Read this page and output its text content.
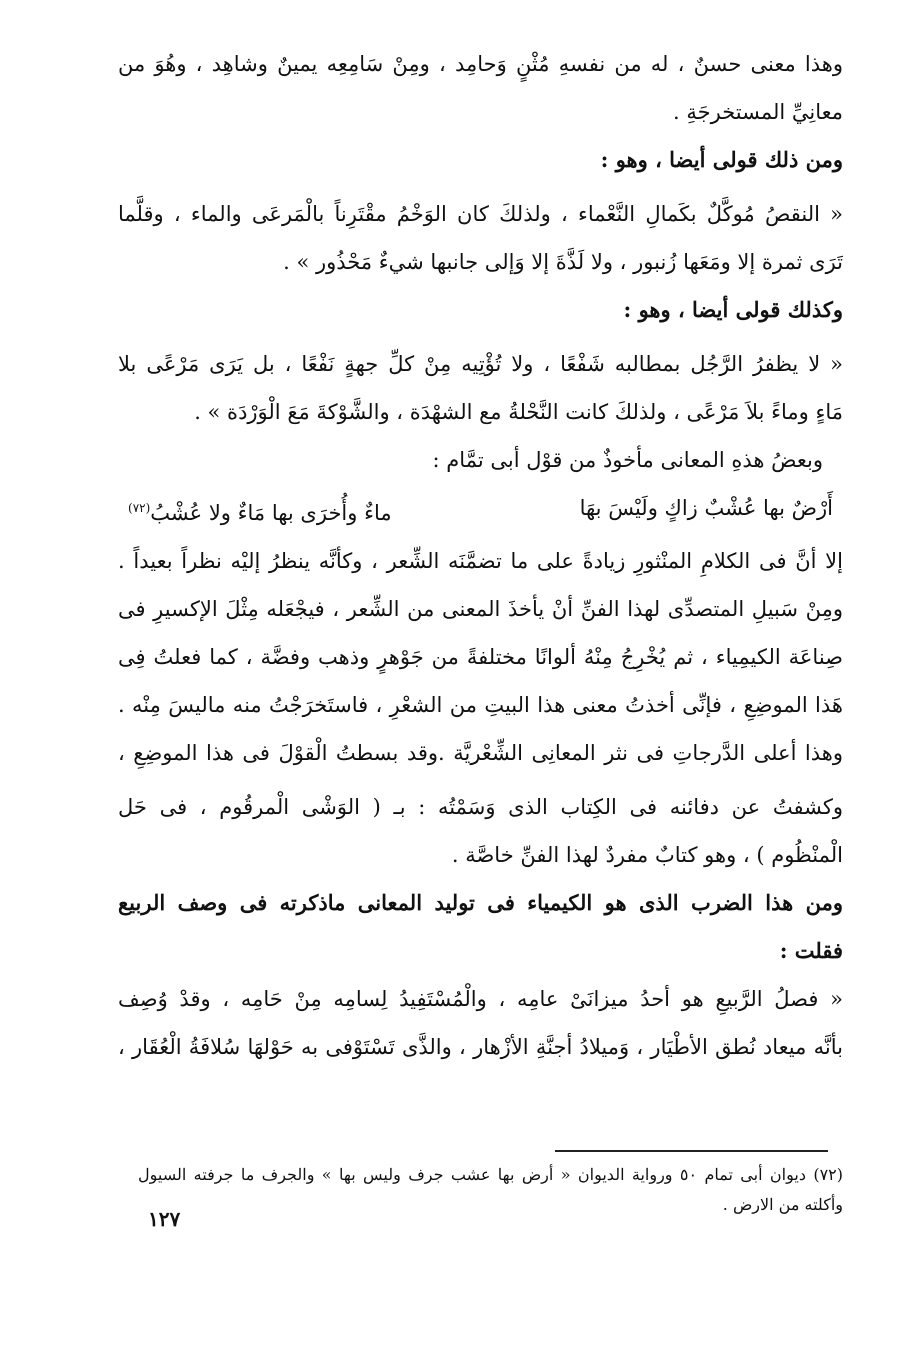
وهذا معنى حسنٌ ، له من نفسهِ مُثْنٍ وَحامِد ، ومِنْ سَامِعِه يمينٌ وشاهِد ، وهُوَ من
معانِيِّ المستخرجَةِ .
ومن ذلك قولى أيضا ، وهو :
« النقصُ مُوكَّلٌ بكَمالِ النَّعْماء ، ولذلكَ كان الوَخْمُ مقْتَرِناً بالْمَرعَى والماء ، وقلَّما
تَرَى ثمرة إلا ومَعَها زُنبور ، ولا لَذَّةَ إلا وَإلى جانبها شيءٌ مَحْذُور » .
وكذلك قولى أيضا ، وهو :
« لا يظفرُ الرَّجُل بمطالبه شَفْعًا ، ولا تُؤْتِيه مِنْ كلِّ جهةٍ نَفْعًا ، بل يَرَى مَرْعًى بلا
مَاءٍ وماءً بلاَ مَرْعًى ، ولذلكَ كانت النَّحْلةُ مع الشهْدَة ، والشَّوْكةَ مَعَ الْوَرْدَة » .
وبعضُ هذهِ المعانى مأخوذٌ من قوْل أبى تمَّام :
أَرْضٌ بها عُشْبٌ زاكٍ ولَيْسَ بهَا
ماءٌ وأُخرَى بها مَاءٌ ولا عُشْبُ$^{(٧٢)}$
إلا أنَّ فى الكلامِ المنْثورِ زيادةً على ما تضمَّنَه الشِّعر ، وكأنَّه ينظرُ إليْه نظراً بعيداً .
ومِنْ سَبيلِ المتصدِّى لهذا الفنِّ أنْ يأخذَ المعنى من الشِّعر ، فيجْعَله مِثْلَ الإكسيرِ فى
صِناعَة الكيمِياء ، ثم يُخْرِجُ مِنْهُ ألوانًا مختلفةً من جَوْهرٍ وذهب وفضَّة ، كما فعلتُ فِى
هَذا الموضِعِ ، فإنِّى أخذتُ معنى هذا البيتِ من الشعْرِ ، فاستَخرَجْتُ منه ماليسَ مِنْه .
وهذا أعلى الدَّرجاتِ فى نثر المعانِى الشِّعْريَّة .وقد بسطتُ الْقوْلَ فى هذا الموضِعِ ،
وكشفتُ عن دفائنه فى الكِتاب الذى وَسَمْتُه : بـ ( الوَشْى الْمرقُوم ، فى حَل
الْمنْظُوم ) ، وهو كتابٌ مفردٌ لهذا الفنِّ خاصَّة .
ومن هذا الضرب الذى هو الكيمياء فى توليد المعانى ماذكرته فى وصف الربيع
فقلت :
« فصلُ الرَّبيعِ هو أحدُ ميزانَىْ عامِه ، والْمُسْتَفِيدُ لِسامِه مِنْ حَامِه ، وقدْ وُصِف
بأنَّه ميعاد نُطق الأطْيَار ، وَميلادُ أجنَّةِ الأزْهار ، والذَّى تَسْتَوْفى به حَوْلهَا سُلافَةُ الْعُقَار ،
(٧٢) ديوان أبى تمام ٥٠ ورواية الديوان « أرض بها عشب جرف وليس بها » والجرف ما جرفته السيول
وأكلته من الارض .
١٢٧
